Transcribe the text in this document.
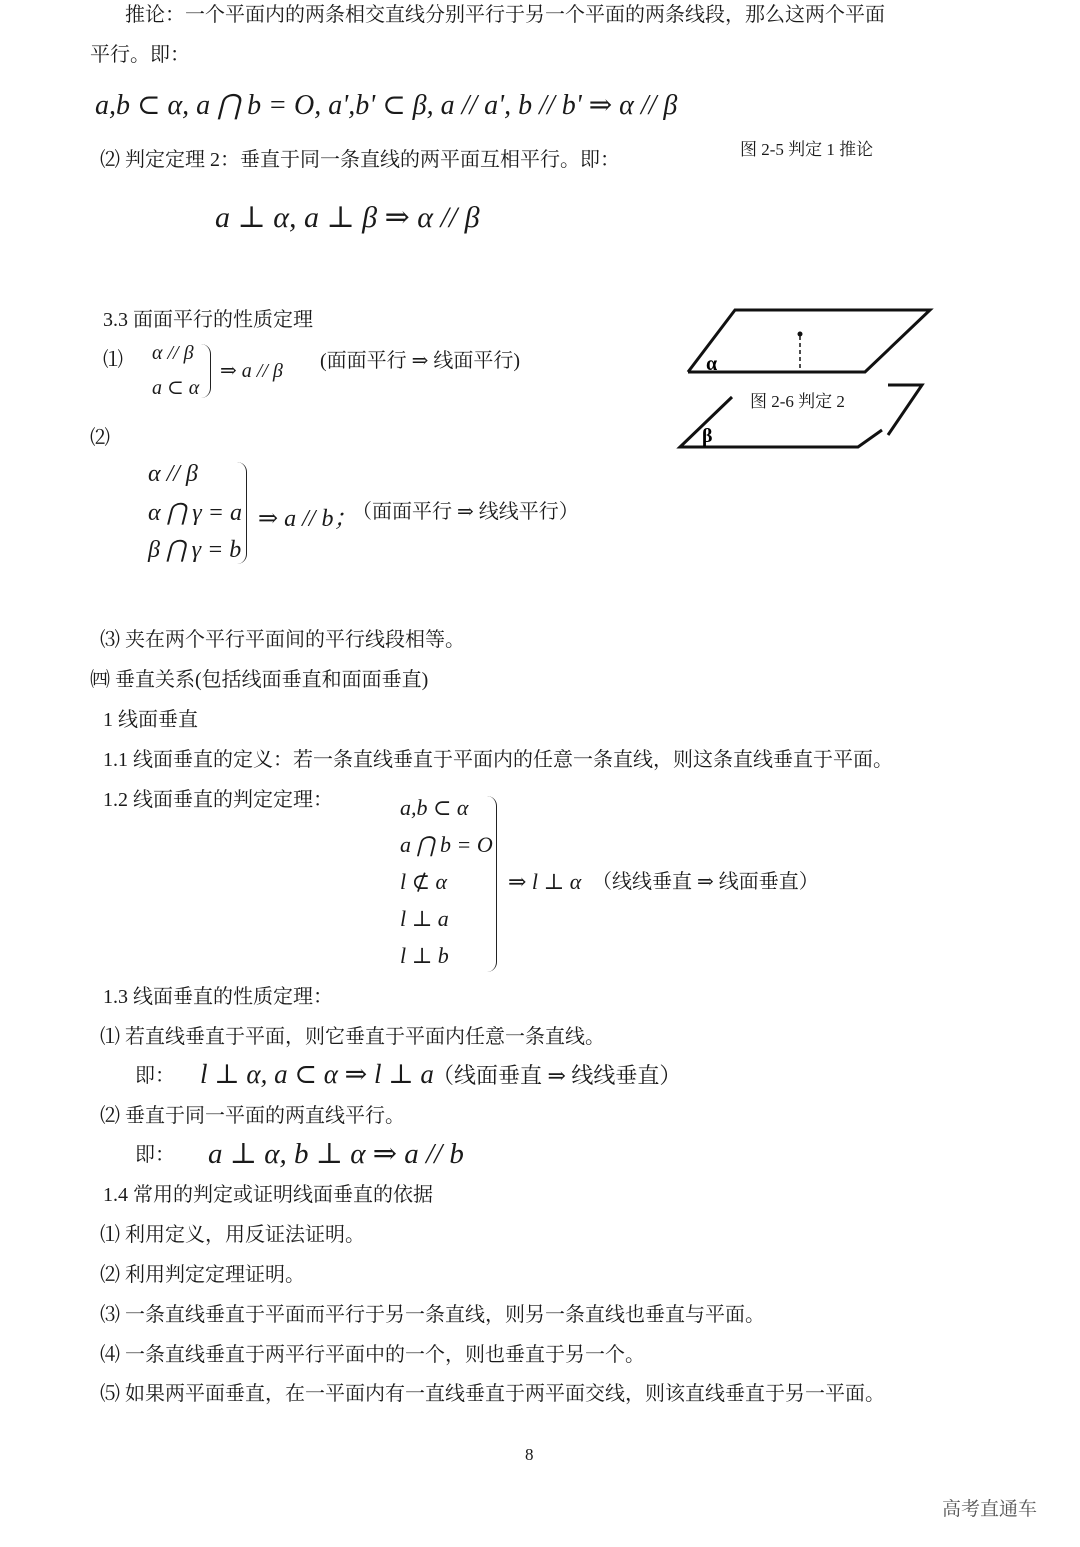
推论：一个平面内的两条相交直线分别平行于另一个平面的两条线段，那么这两个平面
平行。即：
a,b ⊂ α, a ⋂ b = O, a',b' ⊂ β, a // a', b // b' ⇒ α // β
图 2-5 判定 1 推论
⑵ 判定定理 2：垂直于同一条直线的两平面互相平行。即：
a ⊥ α, a ⊥ β ⇒ α // β
3.3 面面平行的性质定理
⑴ α // β
a ⊂ α
⇒ a // β (面面平行 ⇒ 线面平行)	α
β
图 2-6 判定 2
⑵
α // β
α ⋂ γ = a
β ⋂ γ = b
⇒ a // b；
（面面平行 ⇒ 线线平行）
⑶ 夹在两个平行平面间的平行线段相等。
㈣ 垂直关系(包括线面垂直和面面垂直)
1 线面垂直
1.1 线面垂直的定义：若一条直线垂直于平面内的任意一条直线，则这条直线垂直于平面。
1.2 线面垂直的判定定理：	a,b ⊂ α
a ⋂ b = O
l ⊄ α
l ⊥ a
l ⊥ b
⇒ l ⊥ α （线线垂直 ⇒ 线面垂直）
1.3 线面垂直的性质定理：
⑴ 若直线垂直于平面，则它垂直于平面内任意一条直线。
即： l ⊥ α, a ⊂ α ⇒ l ⊥ a
（线面垂直 ⇒ 线线垂直）
⑵ 垂直于同一平面的两直线平行。
即： a ⊥ α, b ⊥ α ⇒ a // b
1.4 常用的判定或证明线面垂直的依据
⑴ 利用定义，用反证法证明。
⑵ 利用判定定理证明。
⑶ 一条直线垂直于平面而平行于另一条直线，则另一条直线也垂直与平面。
⑷ 一条直线垂直于两平行平面中的一个，则也垂直于另一个。
⑸ 如果两平面垂直，在一平面内有一直线垂直于两平面交线，则该直线垂直于另一平面。
8
高考直通车
